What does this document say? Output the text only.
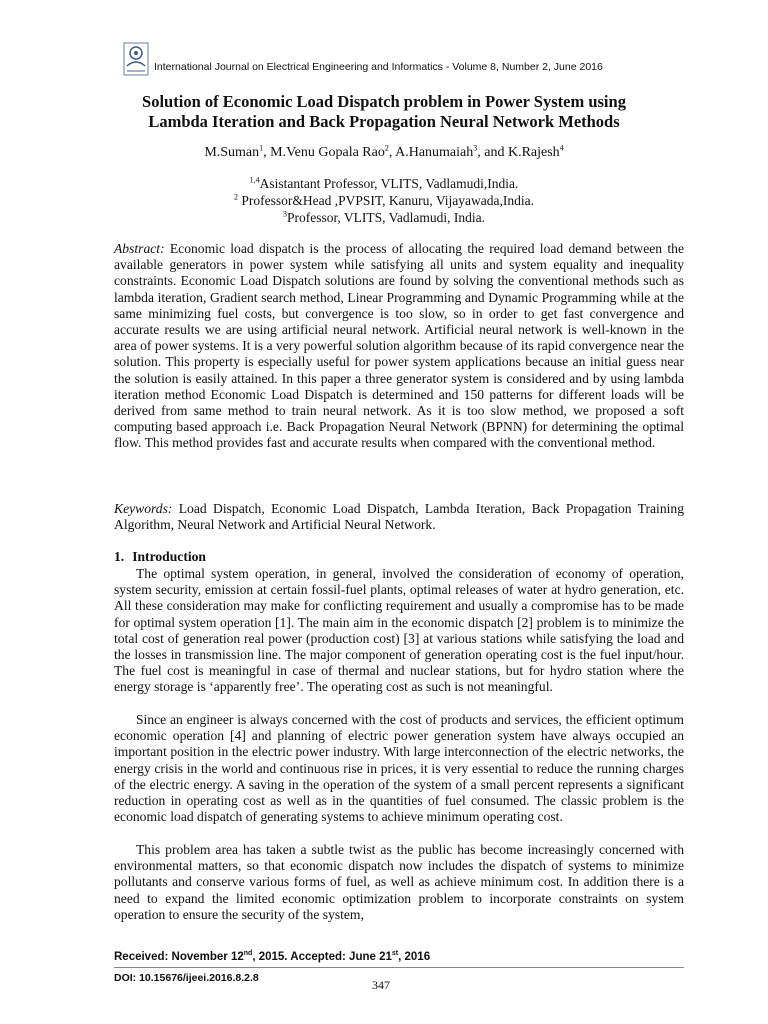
International Journal on Electrical Engineering and Informatics - Volume 8, Number 2, June 2016
Solution of Economic Load Dispatch problem in Power System using
Lambda Iteration and Back Propagation Neural Network Methods
M.Suman$^1$, M.Venu Gopala Rao$^2$, A.Hanumaiah$^3$, and K.Rajesh$^4$
$^{1,4}$Asistantant Professor, VLITS, Vadlamudi,India.
$^2$ Professor&Head ,PVPSIT, Kanuru, Vijayawada,India.
$^3$Professor, VLITS, Vadlamudi, India.
Abstract: Economic load dispatch is the process of allocating the required load demand between the available generators in power system while satisfying all units and system equality and inequality constraints. Economic Load Dispatch solutions are found by solving the conventional methods such as lambda iteration, Gradient search method, Linear Programming and Dynamic Programming while at the same minimizing fuel costs, but convergence is too slow, so in order to get fast convergence and accurate results we are using artificial neural network. Artificial neural network is well-known in the area of power systems. It is a very powerful solution algorithm because of its rapid convergence near the solution. This property is especially useful for power system applications because an initial guess near the solution is easily attained. In this paper a three generator system is considered and by using lambda iteration method Economic Load Dispatch is determined and 150 patterns for different loads will be derived from same method to train neural network. As it is too slow method, we proposed a soft computing based approach i.e. Back Propagation Neural Network (BPNN) for determining the optimal flow. This method provides fast and accurate results when compared with the conventional method.
Keywords: Load Dispatch, Economic Load Dispatch, Lambda Iteration, Back Propagation Training Algorithm, Neural Network and Artificial Neural Network.
1. Introduction
The optimal system operation, in general, involved the consideration of economy of operation, system security, emission at certain fossil-fuel plants, optimal releases of water at hydro generation, etc. All these consideration may make for conflicting requirement and usually a compromise has to be made for optimal system operation [1]. The main aim in the economic dispatch [2] problem is to minimize the total cost of generation real power (production cost) [3] at various stations while satisfying the load and the losses in transmission line. The major component of generation operating cost is the fuel input/hour. The fuel cost is meaningful in case of thermal and nuclear stations, but for hydro station where the energy storage is ‘apparently free’. The operating cost as such is not meaningful.
Since an engineer is always concerned with the cost of products and services, the efficient optimum economic operation [4] and planning of electric power generation system have always occupied an important position in the electric power industry. With large interconnection of the electric networks, the energy crisis in the world and continuous rise in prices, it is very essential to reduce the running charges of the electric energy. A saving in the operation of the system of a small percent represents a significant reduction in operating cost as well as in the quantities of fuel consumed. The classic problem is the economic load dispatch of generating systems to achieve minimum operating cost.
This problem area has taken a subtle twist as the public has become increasingly concerned with environmental matters, so that economic dispatch now includes the dispatch of systems to minimize pollutants and conserve various forms of fuel, as well as achieve minimum cost. In addition there is a need to expand the limited economic optimization problem to incorporate constraints on system operation to ensure the security of the system,
Received: November 12nd, 2015. Accepted: June 21st, 2016
DOI: 10.15676/ijeei.2016.8.2.8	347
